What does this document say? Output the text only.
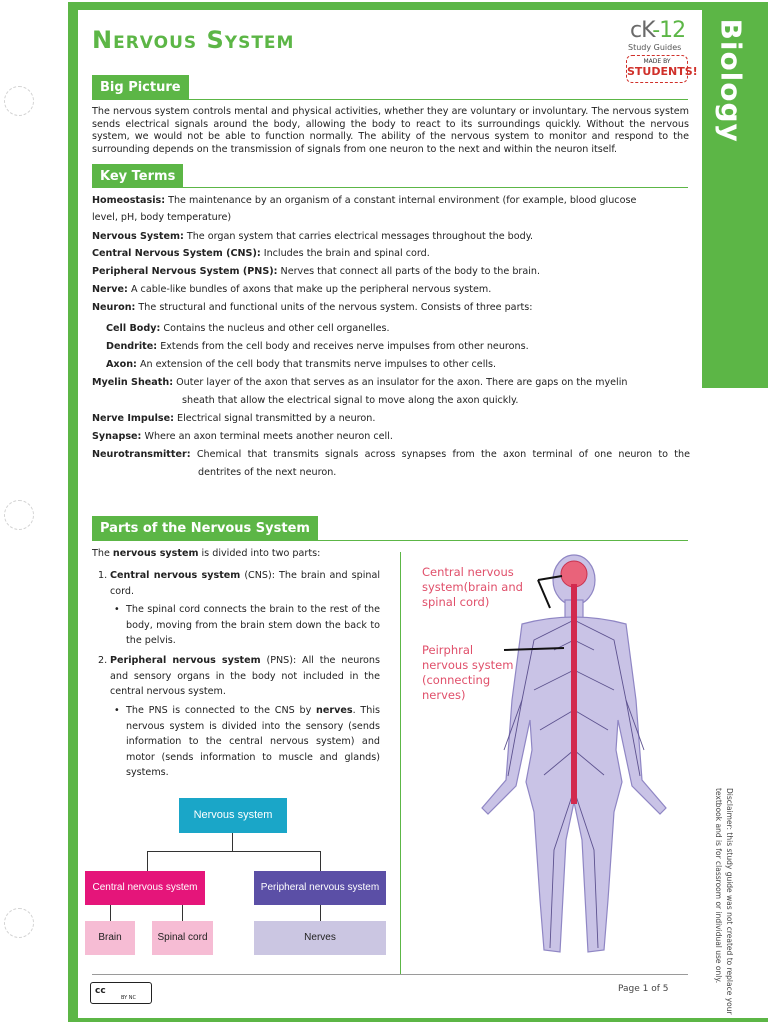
Biology
Disclaimer: this study guide was not created to replace your textbook and is for classroom or individual use only.
Nervous System	cK-12
Study Guides
MADE BY
STUDENTS!
Big Picture
The nervous system controls mental and physical activities, whether they are voluntary or involuntary. The nervous system sends electrical signals around the body, allowing the body to react to its surroundings quickly. Without the nervous system, we would not be able to function normally. The ability of the nervous system to monitor and respond to the surrounding depends on the transmission of signals from one neuron to the next and within the neuron itself.
Key Terms
Homeostasis: The maintenance by an organism of a constant internal environment (for example, blood glucose
level, pH, body temperature)
Nervous System: The organ system that carries electrical messages throughout the body.
Central Nervous System (CNS): Includes the brain and spinal cord.
Peripheral Nervous System (PNS): Nerves that connect all parts of the body to the brain.
Nerve: A cable-like bundles of axons that make up the peripheral nervous system.
Neuron: The structural and functional units of the nervous system. Consists of three parts:
Cell Body: Contains the nucleus and other cell organelles.
Dendrite: Extends from the cell body and receives nerve impulses from other neurons.
Axon: An extension of the cell body that transmits nerve impulses to other cells.
Myelin Sheath: Outer layer of the axon that serves as an insulator for the axon. There are gaps on the myelin
sheath that allow the electrical signal to move along the axon quickly.
Nerve Impulse: Electrical signal transmitted by a neuron.
Synapse: Where an axon terminal meets another neuron cell.
Neurotransmitter: Chemical that transmits signals across synapses from the axon terminal of one neuron to the
dentrites of the next neuron.
Parts of the Nervous System
The nervous system is divided into two parts:
1. Central nervous system (CNS): The brain and spinal cord.
• The spinal cord connects the brain to the rest of the body, moving from the brain stem down the back to the pelvis.
2. Peripheral nervous system (PNS): All the neurons and sensory organs in the body not included in the central nervous system.
• The PNS is connected to the CNS by nerves. This nervous system is divided into the sensory (sends information to the central nervous system) and motor (sends information to muscle and glands) systems.
Nervous system
Central nervous system	Peripheral nervous system
Brain	Spinal cord	Nerves
Central nervous
system(brain and
spinal cord)
Peirphral
nervous system
(connecting
nerves)
cc
BY NC
Page 1 of 5
